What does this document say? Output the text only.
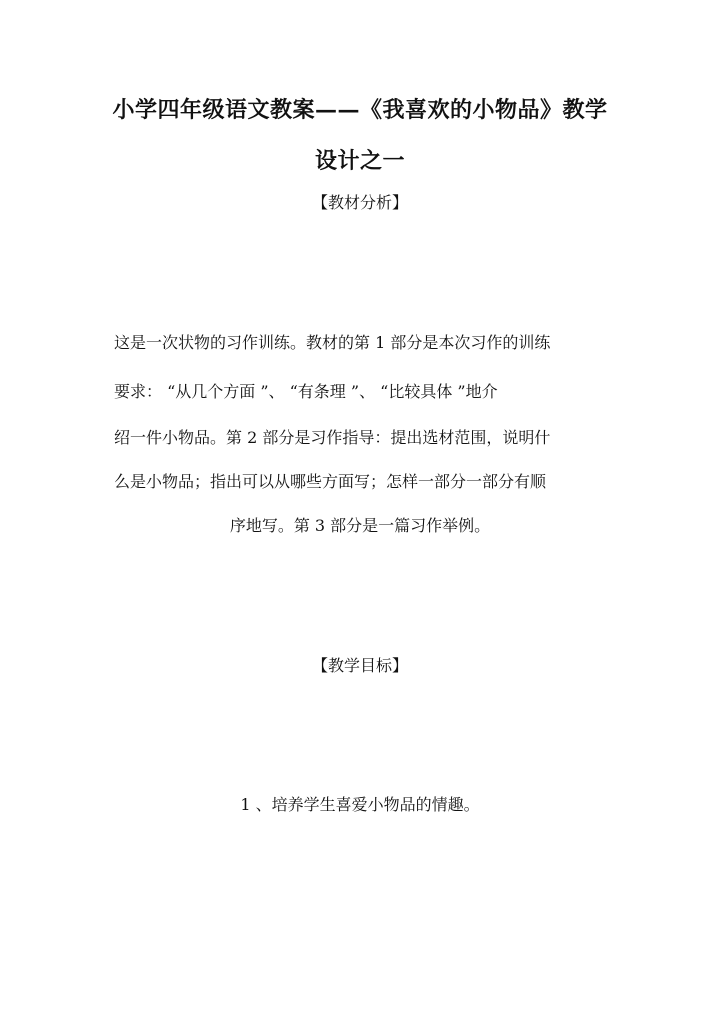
小学四年级语文教案——《我喜欢的小物品》教学
设计之一
【教材分析】
这是一次状物的习作训练。教材的第 1 部分是本次习作的训练
要求： “从几个方面 ”、 “有条理 ”、 “比较具体 ”地介
绍一件小物品。第 2 部分是习作指导：提出选材范围，说明什
么是小物品；指出可以从哪些方面写；怎样一部分一部分有顺
序地写。第 3 部分是一篇习作举例。
【教学目标】
1 、培养学生喜爱小物品的情趣。
